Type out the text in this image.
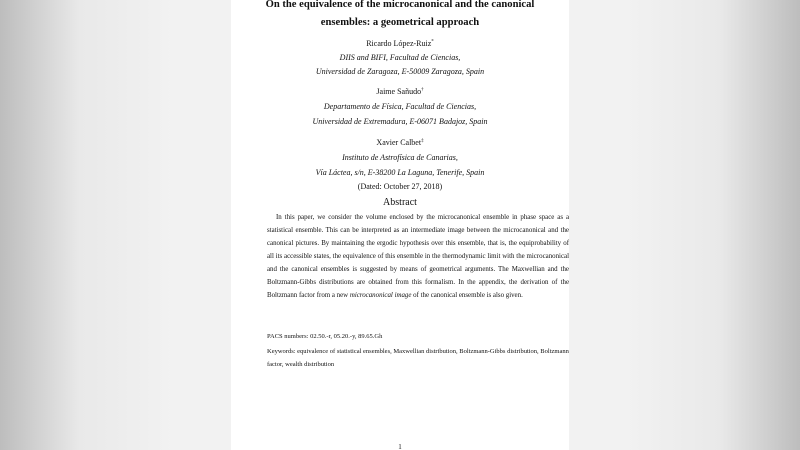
On the equivalence of the microcanonical and the canonical
ensembles: a geometrical approach
Ricardo López-Ruiz*
DIIS and BIFI, Facultad de Ciencias,
Universidad de Zaragoza, E-50009 Zaragoza, Spain
Jaime Sañudo†
Departamento de Física, Facultad de Ciencias,
Universidad de Extremadura, E-06071 Badajoz, Spain
Xavier Calbet‡
Instituto de Astrofísica de Canarias,
Vía Láctea, s/n, E-38200 La Laguna, Tenerife, Spain
(Dated: October 27, 2018)
Abstract
In this paper, we consider the volume enclosed by the microcanonical ensemble in phase space as a statistical ensemble. This can be interpreted as an intermediate image between the microcanonical and the canonical pictures. By maintaining the ergodic hypothesis over this ensemble, that is, the equiprobability of all its accessible states, the equivalence of this ensemble in the thermodynamic limit with the microcanonical and the canonical ensembles is suggested by means of geometrical arguments. The Maxwellian and the Boltzmann-Gibbs distributions are obtained from this formalism. In the appendix, the derivation of the Boltzmann factor from a new microcanonical image of the canonical ensemble is also given.
PACS numbers: 02.50.-r, 05.20.-y, 89.65.Gh
Keywords: equivalence of statistical ensembles, Maxwellian distribution, Boltzmann-Gibbs distribution, Boltzmann factor, wealth distribution
1
